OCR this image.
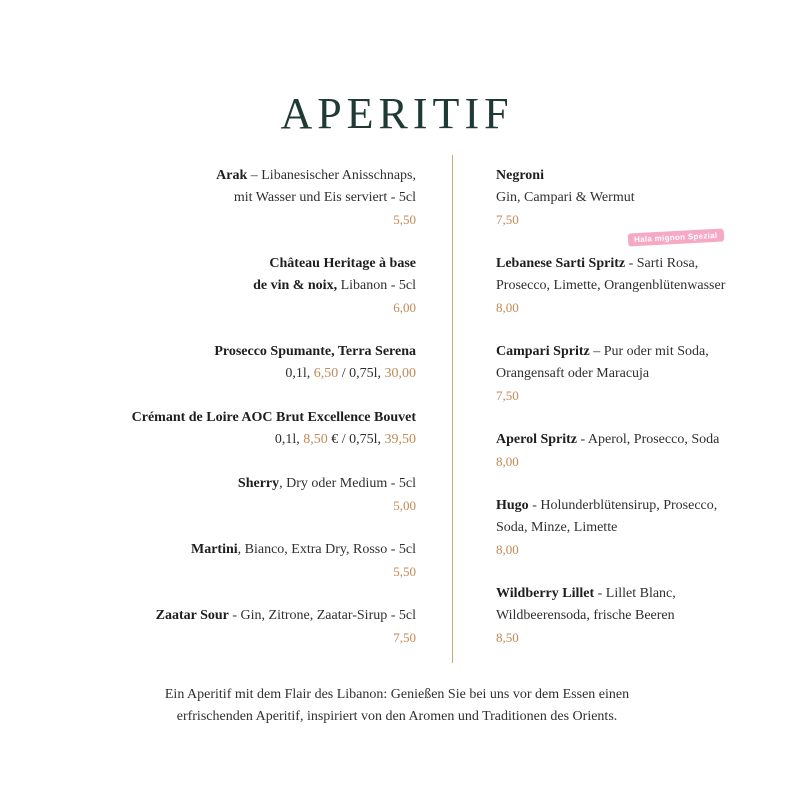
APERITIF
Hala mignon Spezial
Arak – Libanesischer Anisschnaps,
mit Wasser und Eis serviert - 5cl
5,50
Château Heritage à base
de vin & noix, Libanon - 5cl
6,00
Prosecco Spumante, Terra Serena
0,1l, 6,50 / 0,75l, 30,00
Crémant de Loire AOC Brut Excellence Bouvet
0,1l, 8,50 € / 0,75l, 39,50
Sherry, Dry oder Medium - 5cl
5,00
Martini, Bianco, Extra Dry, Rosso - 5cl
5,50
Zaatar Sour - Gin, Zitrone, Zaatar-Sirup - 5cl
7,50
Negroni
Gin, Campari & Wermut
7,50
Lebanese Sarti Spritz - Sarti Rosa,
Prosecco, Limette, Orangenblütenwasser
8,00
Campari Spritz – Pur oder mit Soda,
Orangensaft oder Maracuja
7,50
Aperol Spritz - Aperol, Prosecco, Soda
8,00
Hugo - Holunderblütensirup, Prosecco,
Soda, Minze, Limette
8,00
Wildberry Lillet - Lillet Blanc,
Wildbeerensoda, frische Beeren
8,50
Ein Aperitif mit dem Flair des Libanon: Genießen Sie bei uns vor dem Essen einen
erfrischenden Aperitif, inspiriert von den Aromen und Traditionen des Orients.
